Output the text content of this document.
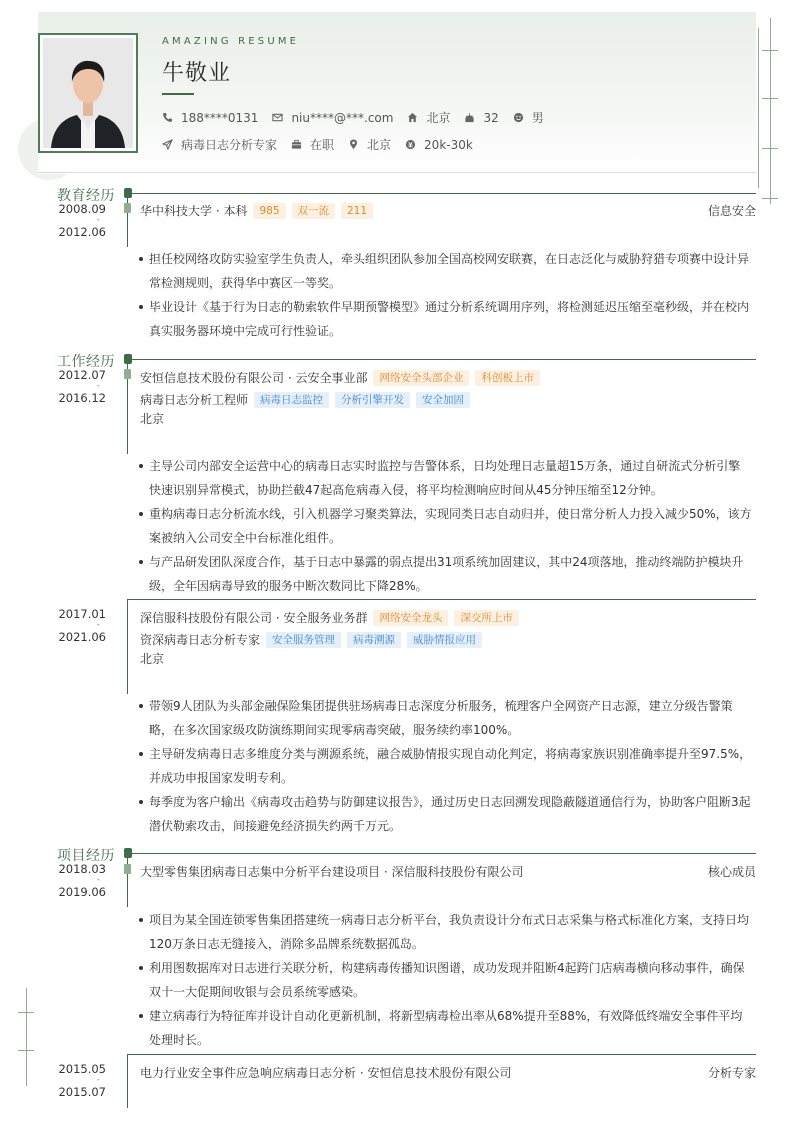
AMAZING RESUME
牛敬业
188****0131	niu****@***.com	北京	32	男
病毒日志分析专家	在职	北京	20k-30k
教育经历
2008.09
-
2012.06
华中科技大学 · 本科	985	双一流	211	信息安全
担任校网络攻防实验室学生负责人，牵头组织团队参加全国高校网安联赛，在日志泛化与威胁狩猎专项赛中设计异常检测规则，获得华中赛区一等奖。
毕业设计《基于行为日志的勒索软件早期预警模型》通过分析系统调用序列，将检测延迟压缩至毫秒级，并在校内真实服务器环境中完成可行性验证。
工作经历
2012.07
-
2016.12
安恒信息技术股份有限公司 · 云安全事业部	网络安全头部企业	科创板上市
病毒日志分析工程师	病毒日志监控	分析引擎开发	安全加固
北京
主导公司内部安全运营中心的病毒日志实时监控与告警体系，日均处理日志量超15万条，通过自研流式分析引擎快速识别异常模式，协助拦截47起高危病毒入侵，将平均检测响应时间从45分钟压缩至12分钟。
重构病毒日志分析流水线，引入机器学习聚类算法，实现同类日志自动归并，使日常分析人力投入减少50%，该方案被纳入公司安全中台标准化组件。
与产品研发团队深度合作，基于日志中暴露的弱点提出31项系统加固建议，其中24项落地，推动终端防护模块升级，全年因病毒导致的服务中断次数同比下降28%。
2017.01
-
2021.06
深信服科技股份有限公司 · 安全服务业务群	网络安全龙头	深交所上市
资深病毒日志分析专家	安全服务管理	病毒溯源	威胁情报应用
北京
带领9人团队为头部金融保险集团提供驻场病毒日志深度分析服务，梳理客户全网资产日志源，建立分级告警策略，在多次国家级攻防演练期间实现零病毒突破，服务续约率100%。
主导研发病毒日志多维度分类与溯源系统，融合威胁情报实现自动化判定，将病毒家族识别准确率提升至97.5%，并成功申报国家发明专利。
每季度为客户输出《病毒攻击趋势与防御建议报告》，通过历史日志回溯发现隐蔽隧道通信行为，协助客户阻断3起潜伏勒索攻击，间接避免经济损失约两千万元。
项目经历
2018.03
-
2019.06
大型零售集团病毒日志集中分析平台建设项目 · 深信服科技股份有限公司	核心成员
项目为某全国连锁零售集团搭建统一病毒日志分析平台，我负责设计分布式日志采集与格式标准化方案，支持日均120万条日志无缝接入，消除多品牌系统数据孤岛。
利用图数据库对日志进行关联分析，构建病毒传播知识图谱，成功发现并阻断4起跨门店病毒横向移动事件，确保双十一大促期间收银与会员系统零感染。
建立病毒行为特征库并设计自动化更新机制，将新型病毒检出率从68%提升至88%，有效降低终端安全事件平均处理时长。
2015.05
-
2015.07
电力行业安全事件应急响应病毒日志分析 · 安恒信息技术股份有限公司	分析专家
